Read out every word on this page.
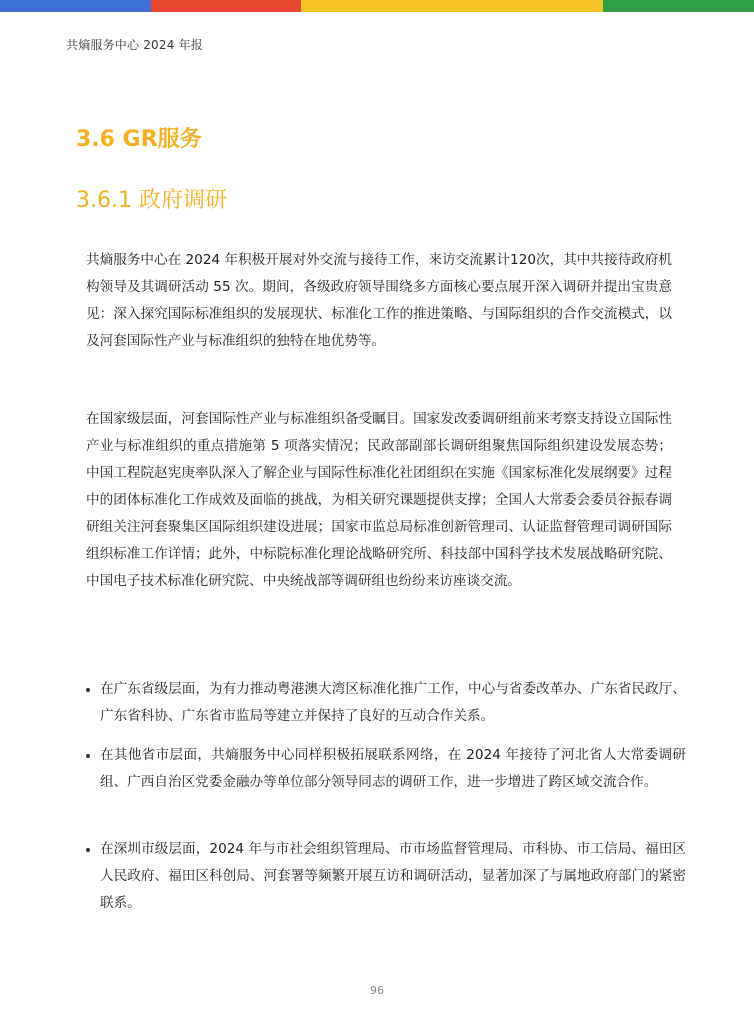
共熵服务中心 2024 年报
3.6 GR服务
3.6.1 政府调研

共熵服务中心在 2024 年积极开展对外交流与接待工作，来访交流累计120次，其中共接待政府机构领导及其调研活动 55 次。期间，各级政府领导围绕多方面核心要点展开深入调研并提出宝贵意见：深入探究国际标准组织的发展现状、标准化工作的推进策略、与国际组织的合作交流模式，以及河套国际性产业与标准组织的独特在地优势等。

在国家级层面，河套国际性产业与标准组织备受瞩目。国家发改委调研组前来考察支持设立国际性产业与标准组织的重点措施第 5 项落实情况；民政部副部长调研组聚焦国际组织建设发展态势；中国工程院赵宪庚率队深入了解企业与国际性标准化社团组织在实施《国家标准化发展纲要》过程中的团体标准化工作成效及面临的挑战，为相关研究课题提供支撑；全国人大常委会委员谷振春调研组关注河套聚集区国际组织建设进展；国家市监总局标准创新管理司、认证监督管理司调研国际组织标准工作详情；此外，中标院标准化理论战略研究所、科技部中国科学技术发展战略研究院、中国电子技术标准化研究院、中央统战部等调研组也纷纷来访座谈交流。

在广东省级层面，为有力推动粤港澳大湾区标准化推广工作，中心与省委改革办、广东省民政厅、广东省科协、广东省市监局等建立并保持了良好的互动合作关系。
在其他省市层面，共熵服务中心同样积极拓展联系网络，在 2024 年接待了河北省人大常委调研组、广西自治区党委金融办等单位部分领导同志的调研工作，进一步增进了跨区域交流合作。
在深圳市级层面，2024 年与市社会组织管理局、市市场监督管理局、市科协、市工信局、福田区人民政府、福田区科创局、河套署等频繁开展互访和调研活动，显著加深了与属地政府部门的紧密联系。
96
